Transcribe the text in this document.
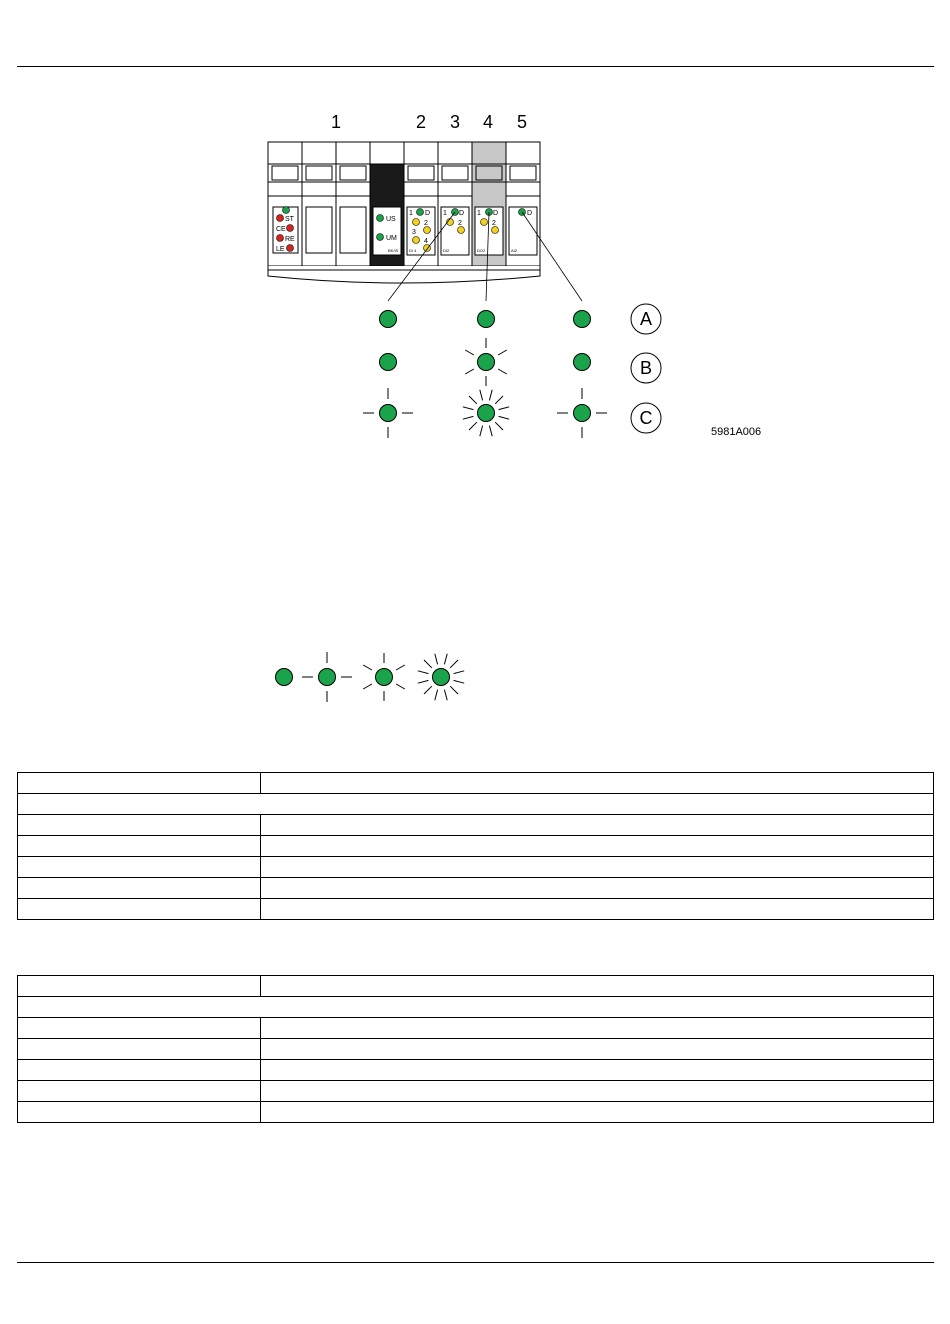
1	2 3 4 5
ST
CE
RE
LE
US
UM
1 D
2
3
4
1 D
2
1 D
2
D
BK/IS	DI 4	DI2	DO2	AI2
A
B
C
5981A006
